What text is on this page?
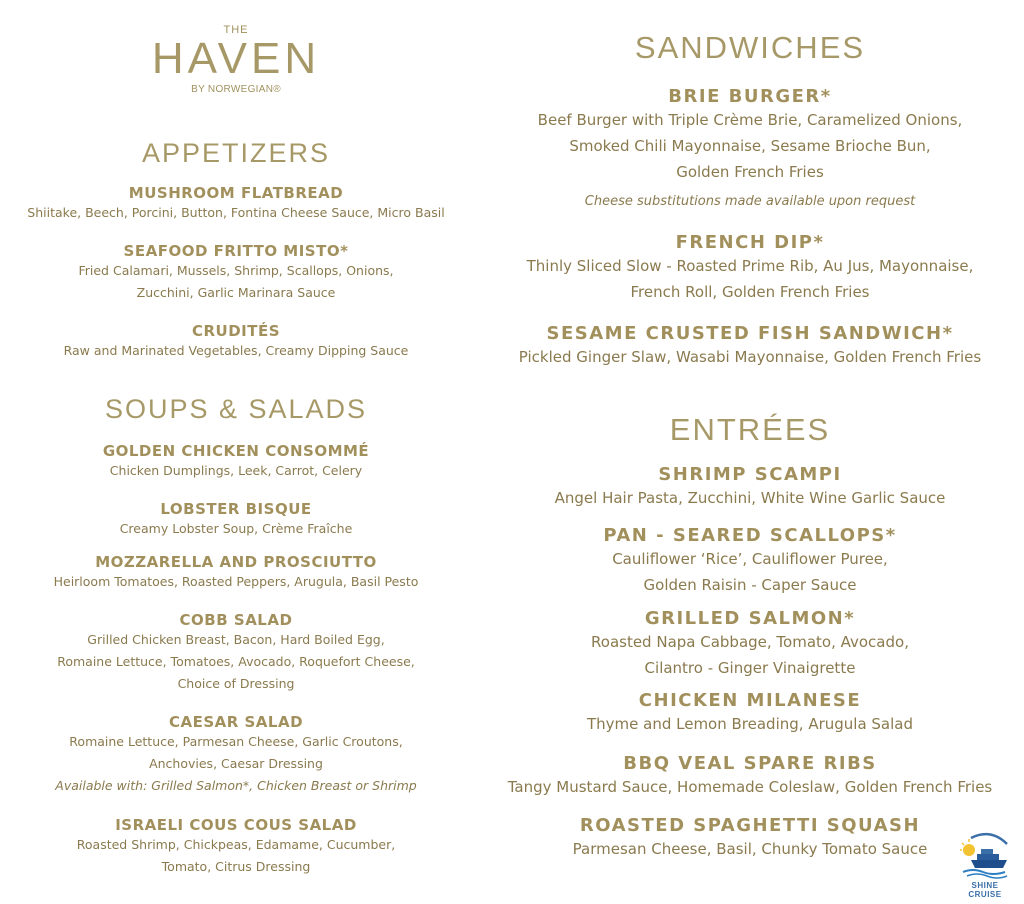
THE
HAVEN
BY NORWEGIAN®
APPETIZERS
MUSHROOM FLATBREAD
Shiitake, Beech, Porcini, Button, Fontina Cheese Sauce, Micro Basil
SEAFOOD FRITTO MISTO*
Fried Calamari, Mussels, Shrimp, Scallops, Onions,
Zucchini, Garlic Marinara Sauce
CRUDITÉS
Raw and Marinated Vegetables, Creamy Dipping Sauce
SOUPS & SALADS
GOLDEN CHICKEN CONSOMMÉ
Chicken Dumplings, Leek, Carrot, Celery
LOBSTER BISQUE
Creamy Lobster Soup, Crème Fraîche
MOZZARELLA AND PROSCIUTTO
Heirloom Tomatoes, Roasted Peppers, Arugula, Basil Pesto
COBB SALAD
Grilled Chicken Breast, Bacon, Hard Boiled Egg,
Romaine Lettuce, Tomatoes, Avocado, Roquefort Cheese,
Choice of Dressing
CAESAR SALAD
Romaine Lettuce, Parmesan Cheese, Garlic Croutons,
Anchovies, Caesar Dressing
Available with: Grilled Salmon*, Chicken Breast or Shrimp
ISRAELI COUS COUS SALAD
Roasted Shrimp, Chickpeas, Edamame, Cucumber,
Tomato, Citrus Dressing
SANDWICHES
BRIE BURGER*
Beef Burger with Triple Crème Brie, Caramelized Onions,
Smoked Chili Mayonnaise, Sesame Brioche Bun,
Golden French Fries
Cheese substitutions made available upon request
FRENCH DIP*
Thinly Sliced Slow - Roasted Prime Rib, Au Jus, Mayonnaise,
French Roll, Golden French Fries
SESAME CRUSTED FISH SANDWICH*
Pickled Ginger Slaw, Wasabi Mayonnaise, Golden French Fries
ENTRÉES
SHRIMP SCAMPI
Angel Hair Pasta, Zucchini, White Wine Garlic Sauce
PAN - SEARED SCALLOPS*
Cauliflower ‘Rice’, Cauliflower Puree,
Golden Raisin - Caper Sauce
GRILLED SALMON*
Roasted Napa Cabbage, Tomato, Avocado,
Cilantro - Ginger Vinaigrette
CHICKEN MILANESE
Thyme and Lemon Breading, Arugula Salad
BBQ VEAL SPARE RIBS
Tangy Mustard Sauce, Homemade Coleslaw, Golden French Fries
ROASTED SPAGHETTI SQUASH
Parmesan Cheese, Basil, Chunky Tomato Sauce
SHINE CRUISE
